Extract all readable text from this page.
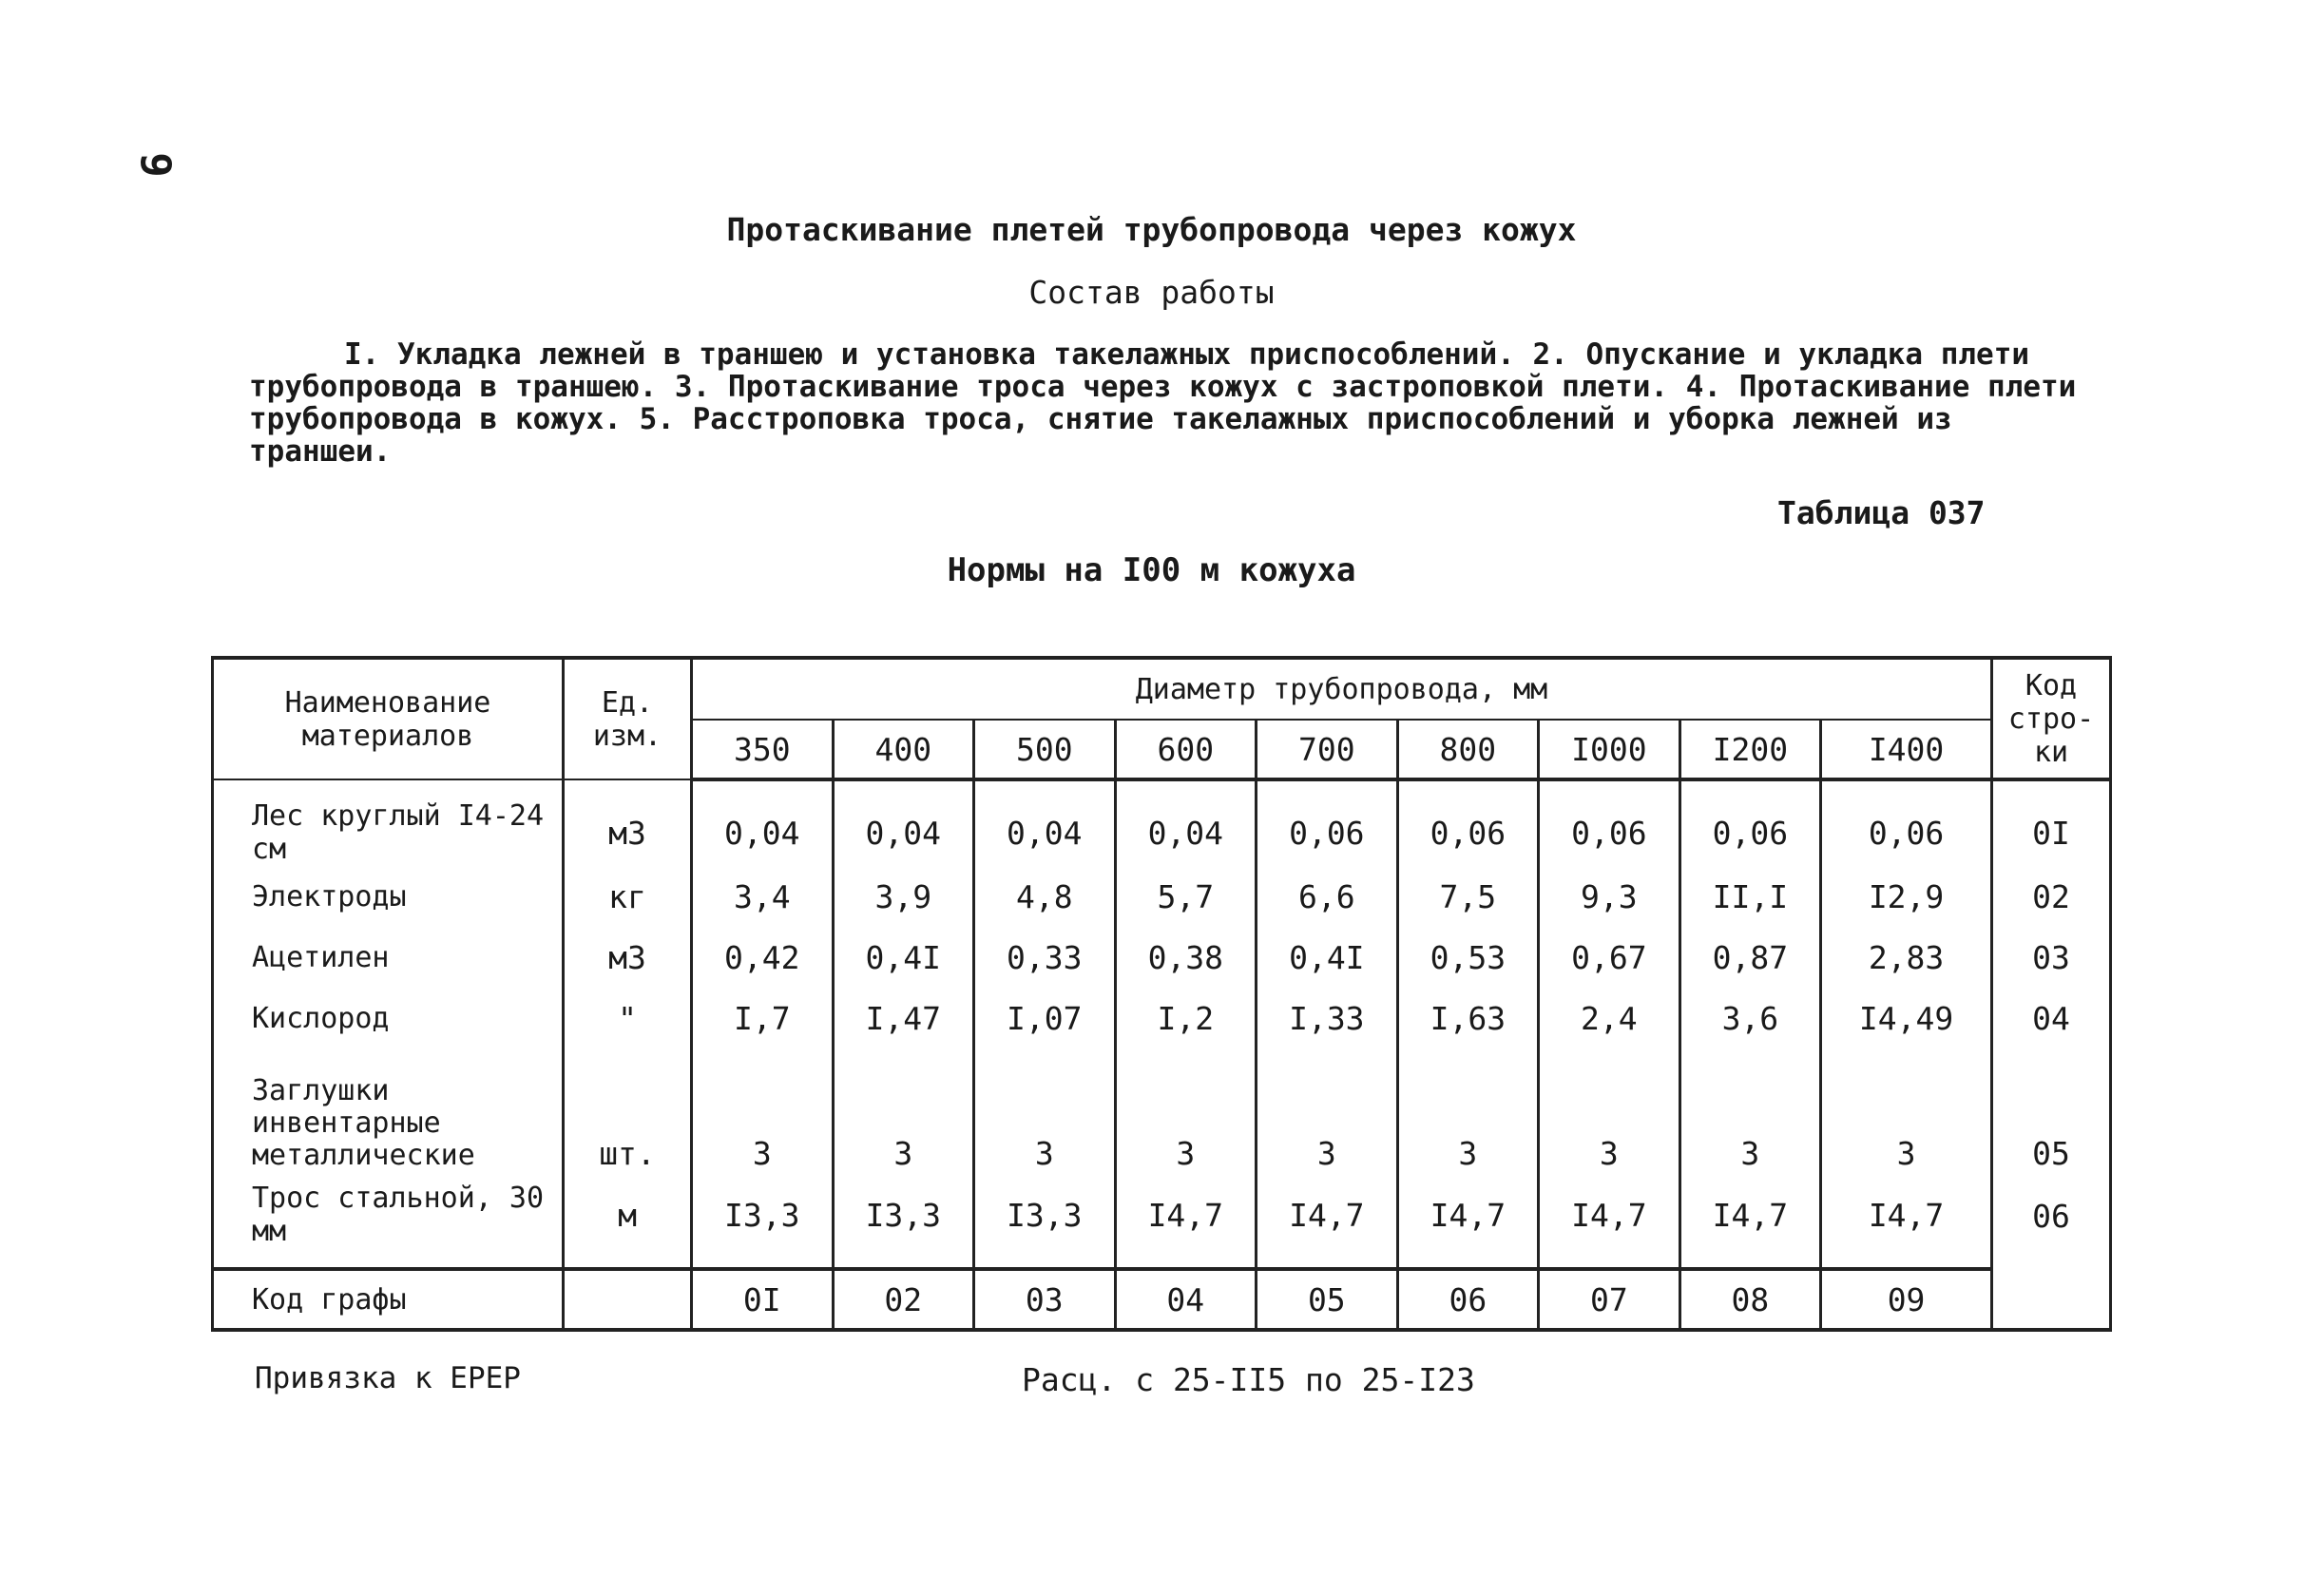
9
Протаскивание плетей трубопровода через кожух
Состав работы
I. Укладка лежней в траншею и установка такелажных приспособлений. 2. Опускание и укладка плети трубопровода в траншею. 3. Протаскивание троса через кожух с застроповкой плети. 4. Протаскивание плети трубопровода в кожух. 5. Расстроповка троса, снятие такелажных приспособлений и уборка лежней из траншеи.
Таблица 037
Нормы на I00 м кожуха
Наименование материалов	Ед. изм.	Диаметр трубопровода, мм									Код стро- ки
		350	400	500	600	700	800	I000	I200	I400	
Лес круглый I4-24 см	м3	0,04	0,04	0,04	0,04	0,06	0,06	0,06	0,06	0,06	0I
Электроды	кг	3,4	3,9	4,8	5,7	6,6	7,5	9,3	II,I	I2,9	02
Ацетилен	м3	0,42	0,4I	0,33	0,38	0,4I	0,53	0,67	0,87	2,83	03
Кислород	"	I,7	I,47	I,07	I,2	I,33	I,63	2,4	3,6	I4,49	04
Заглушки инвентарные металлические	шт.	3	3	3	3	3	3	3	3	3	05
Трос стальной, 30 мм	м	I3,3	I3,3	I3,3	I4,7	I4,7	I4,7	I4,7	I4,7	I4,7	06
Код графы		0I	02	03	04	05	06	07	08	09	
Привязка к ЕРЕР	Расц. с 25-II5 по 25-I23
